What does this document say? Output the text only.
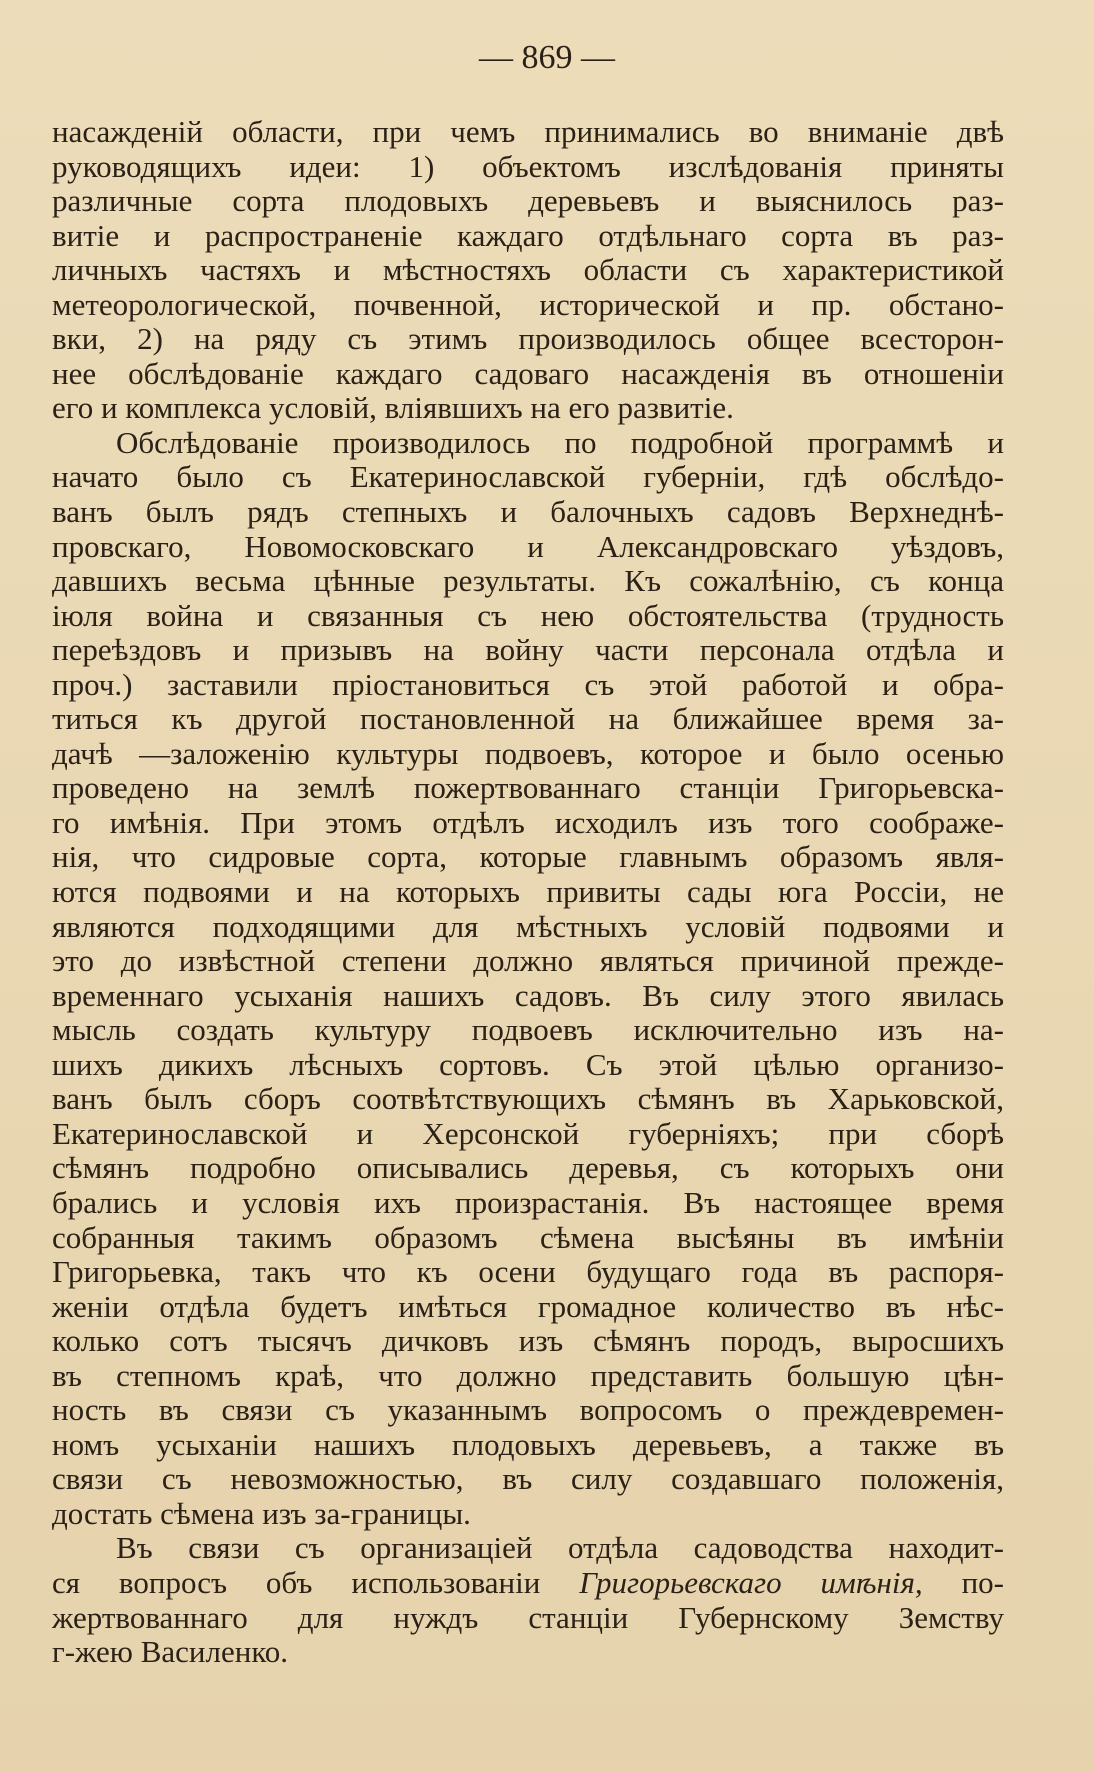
— 869 —
насажденій области, при чемъ принимались во вниманіе двѣ
руководящихъ идеи: 1) объектомъ изслѣдованія приняты
различные сорта плодовыхъ деревьевъ и выяснилось раз-
витіе и распространеніе каждаго отдѣльнаго сорта въ раз-
личныхъ частяхъ и мѣстностяхъ области съ характеристикой
метеорологической, почвенной, исторической и пр. обстано-
вки, 2) на ряду съ этимъ производилось общее всесторон-
нее обслѣдованіе каждаго садоваго насажденія въ отношеніи
его и комплекса условій, вліявшихъ на его развитіе.
Обслѣдованіе производилось по подробной программѣ и
начато было съ Екатеринославской губерніи, гдѣ обслѣдо-
ванъ былъ рядъ степныхъ и балочныхъ садовъ Верхнеднѣ-
провскаго, Новомосковскаго и Александровскаго уѣздовъ,
давшихъ весьма цѣнные результаты. Къ сожалѣнію, съ конца
іюля война и связанныя съ нею обстоятельства (трудность
переѣздовъ и призывъ на войну части персонала отдѣла и
проч.) заставили пріостановиться съ этой работой и обра-
титься къ другой постановленной на ближайшее время за-
дачѣ —заложенію культуры подвоевъ, которое и было осенью
проведено на землѣ пожертвованнаго станціи Григорьевска-
го имѣнія. При этомъ отдѣлъ исходилъ изъ того соображе-
нія, что сидровые сорта, которые главнымъ образомъ явля-
ются подвоями и на которыхъ привиты сады юга Россіи, не
являются подходящими для мѣстныхъ условій подвоями и
это до извѣстной степени должно являться причиной преждe-
временнаго усыханія нашихъ садовъ. Въ силу этого явилась
мысль создать культуру подвоевъ исключительно изъ на-
шихъ дикихъ лѣсныхъ сортовъ. Съ этой цѣлью организо-
ванъ былъ сборъ соотвѣтствующихъ сѣмянъ въ Харьковской,
Екатеринославской и Херсонской губерніяхъ; при сборѣ
сѣмянъ подробно описывались деревья, съ которыхъ они
брались и условія ихъ произрастанія. Въ настоящее время
собранныя такимъ образомъ сѣмена высѣяны въ имѣніи
Григорьевка, такъ что къ осени будущаго года въ распоря-
женіи отдѣла будетъ имѣться громадное количество въ нѣс-
колько сотъ тысячъ дичковъ изъ сѣмянъ породъ, выросшихъ
въ степномъ краѣ, что должно представить большую цѣн-
ность въ связи съ указаннымъ вопросомъ о преждевремен-
номъ усыханіи нашихъ плодовыхъ деревьевъ, а также въ
связи съ невозможностью, въ силу создавшаго положенія,
достать сѣмена изъ за-границы.
Въ связи съ организаціей отдѣла садоводства находит-
ся вопросъ объ использованіи Григорьевскаго имѣнія, по-
жертвованнаго для нуждъ станціи Губернскому Земству
г-жею Василенко.
